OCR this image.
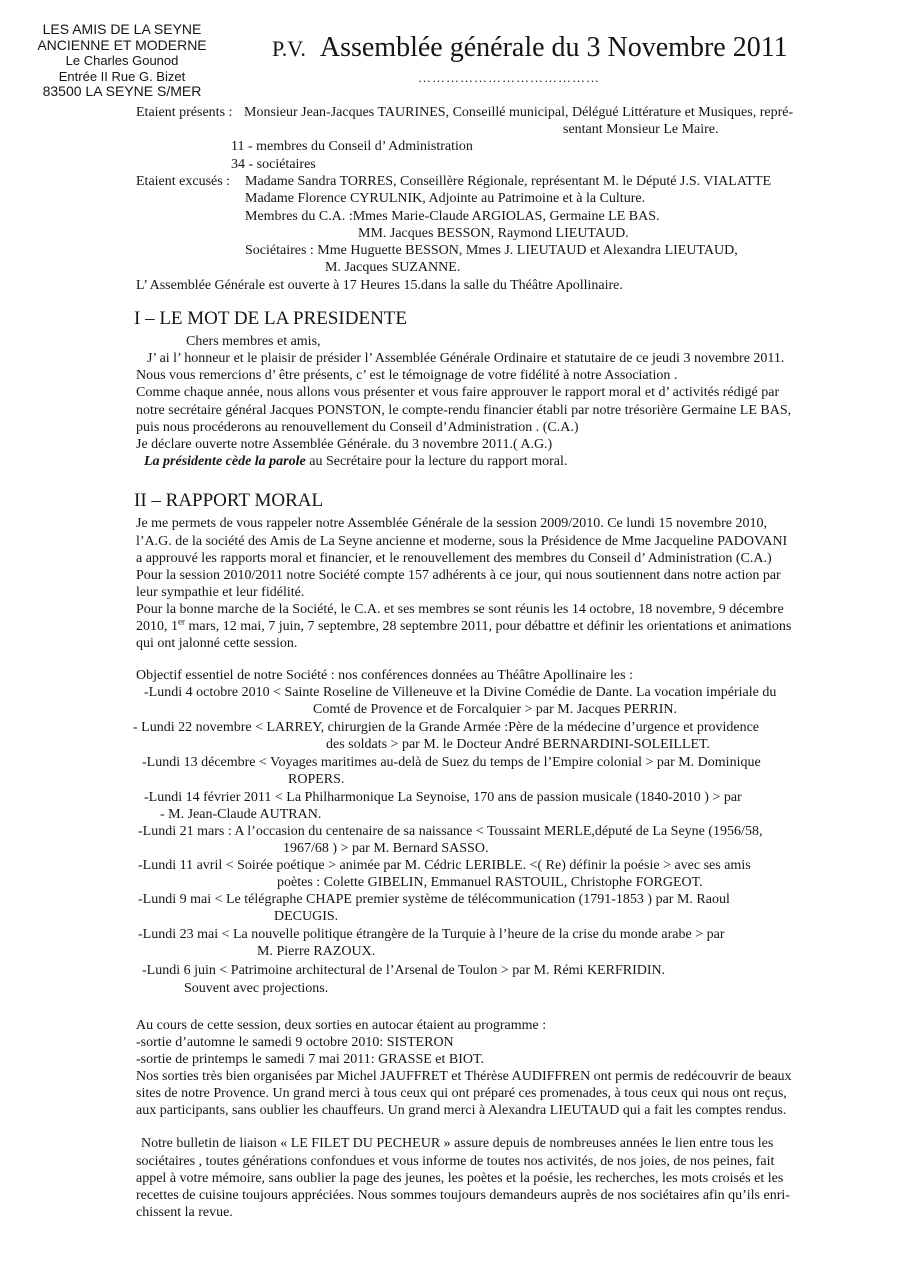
LES AMIS DE LA SEYNE
ANCIENNE ET MODERNE
Le Charles Gounod
Entrée II Rue G. Bizet
83500 LA SEYNE S/MER
P.V. Assemblée générale du 3 Novembre 2011
…………………………………
Etaient présents : Monsieur Jean-Jacques TAURINES, Conseillé municipal, Délégué Littérature et Musiques, repré-
sentant Monsieur Le Maire.
11 - membres du Conseil d’ Administration
34 - sociétaires
Etaient excusés : Madame Sandra TORRES, Conseillère Régionale, représentant M. le Député J.S. VIALATTE
Madame Florence CYRULNIK, Adjointe au Patrimoine et à la Culture.
Membres du C.A. :Mmes Marie-Claude ARGIOLAS, Germaine LE BAS.
MM. Jacques BESSON, Raymond LIEUTAUD.
Sociétaires : Mme Huguette BESSON, Mmes J. LIEUTAUD et Alexandra LIEUTAUD,
M. Jacques SUZANNE.
L’ Assemblée Générale est ouverte à 17 Heures 15.dans la salle du Théâtre Apollinaire.
I – LE MOT DE LA PRESIDENTE
Chers membres et amis,
J’ ai l’ honneur et le plaisir de présider l’ Assemblée Générale Ordinaire et statutaire de ce jeudi 3 novembre 2011.
Nous vous remercions d’ être présents, c’ est le témoignage de votre fidélité à notre Association .
Comme chaque année, nous allons vous présenter et vous faire approuver le rapport moral et d’ activités rédigé par
notre secrétaire général Jacques PONSTON, le compte-rendu financier établi par notre trésorière Germaine LE BAS,
puis nous procéderons au renouvellement du Conseil d’Administration . (C.A.)
Je déclare ouverte notre Assemblée Générale. du 3 novembre 2011.( A.G.)
La présidente cède la parole au Secrétaire pour la lecture du rapport moral.
II – RAPPORT MORAL
Je me permets de vous rappeler notre Assemblée Générale de la session 2009/2010. Ce lundi 15 novembre 2010,
l’A.G. de la société des Amis de La Seyne ancienne et moderne, sous la Présidence de Mme Jacqueline PADOVANI
a approuvé les rapports moral et financier, et le renouvellement des membres du Conseil d’ Administration (C.A.)
Pour la session 2010/2011 notre Société compte 157 adhérents à ce jour, qui nous soutiennent dans notre action par
leur sympathie et leur fidélité.
Pour la bonne marche de la Société, le C.A. et ses membres se sont réunis les 14 octobre, 18 novembre, 9 décembre
2010, 1er mars, 12 mai, 7 juin, 7 septembre, 28 septembre 2011, pour débattre et définir les orientations et animations
qui ont jalonné cette session.
Objectif essentiel de notre Société : nos conférences données au Théâtre Apollinaire les :
-Lundi 4 octobre 2010 < Sainte Roseline de Villeneuve et la Divine Comédie de Dante. La vocation impériale du
Comté de Provence et de Forcalquier > par M. Jacques PERRIN.
- Lundi 22 novembre < LARREY, chirurgien de la Grande Armée :Père de la médecine d’urgence et providence
des soldats > par M. le Docteur André BERNARDINI-SOLEILLET.
-Lundi 13 décembre < Voyages maritimes au-delà de Suez du temps de l’Empire colonial > par M. Dominique
ROPERS.
-Lundi 14 février 2011 < La Philharmonique La Seynoise, 170 ans de passion musicale (1840-2010 ) > par
- M. Jean-Claude AUTRAN.
-Lundi 21 mars : A l’occasion du centenaire de sa naissance < Toussaint MERLE,député de La Seyne (1956/58,
1967/68 ) > par M. Bernard SASSO.
-Lundi 11 avril < Soirée poétique > animée par M. Cédric LERIBLE. <( Re) définir la poésie > avec ses amis
poètes : Colette GIBELIN, Emmanuel RASTOUIL, Christophe FORGEOT.
-Lundi 9 mai < Le télégraphe CHAPE premier système de télécommunication (1791-1853 ) par M. Raoul
DECUGIS.
-Lundi 23 mai < La nouvelle politique étrangère de la Turquie à l’heure de la crise du monde arabe > par
M. Pierre RAZOUX.
-Lundi 6 juin < Patrimoine architectural de l’Arsenal de Toulon > par M. Rémi KERFRIDIN.
Souvent avec projections.
Au cours de cette session, deux sorties en autocar étaient au programme :
-sortie d’automne le samedi 9 octobre 2010: SISTERON
-sortie de printemps le samedi 7 mai 2011: GRASSE et BIOT.
Nos sorties très bien organisées par Michel JAUFFRET et Thérèse AUDIFFREN ont permis de redécouvrir de beaux
sites de notre Provence. Un grand merci à tous ceux qui ont préparé ces promenades, à tous ceux qui nous ont reçus,
aux participants, sans oublier les chauffeurs. Un grand merci à Alexandra LIEUTAUD qui a fait les comptes rendus.
Notre bulletin de liaison « LE FILET DU PECHEUR » assure depuis de nombreuses années le lien entre tous les
sociétaires , toutes générations confondues et vous informe de toutes nos activités, de nos joies, de nos peines, fait
appel à votre mémoire, sans oublier la page des jeunes, les poètes et la poésie, les recherches, les mots croisés et les
recettes de cuisine toujours appréciées. Nous sommes toujours demandeurs auprès de nos sociétaires afin qu’ils enri-
chissent la revue.
